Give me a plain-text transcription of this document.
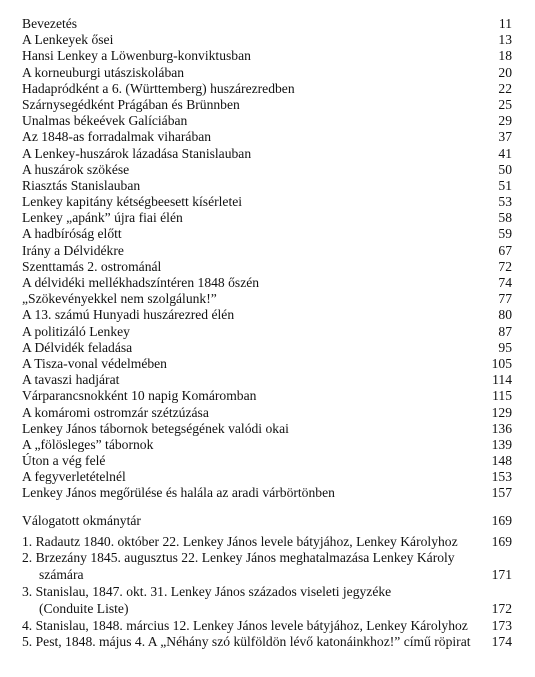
Bevezetés	11
A Lenkeyek ősei	13
Hansi Lenkey a Löwenburg-konviktusban	18
A korneuburgi utásziskolában	20
Hadapródként a 6. (Württemberg) huszárezredben	22
Szárnysegédként Prágában és Brünnben	25
Unalmas békeévek Galíciában	29
Az 1848-as forradalmak viharában	37
A Lenkey-huszárok lázadása Stanislauban	41
A huszárok szökése	50
Riasztás Stanislauban	51
Lenkey kapitány kétségbeesett kísérletei	53
Lenkey „apánk” újra fiai élén	58
A hadbíróság előtt	59
Irány a Délvidékre	67
Szenttamás 2. ostrománál	72
A délvidéki mellékhadszíntéren 1848 őszén	74
„Szökevényekkel nem szolgálunk!”	77
A 13. számú Hunyadi huszárezred élén	80
A politizáló Lenkey	87
A Délvidék feladása	95
A Tisza-vonal védelmében	105
A tavaszi hadjárat	114
Várparancsnokként 10 napig Komáromban	115
A komáromi ostromzár szétzúzása	129
Lenkey János tábornok betegségének valódi okai	136
A „fölösleges” tábornok	139
Úton a vég felé	148
A fegyverletételnél	153
Lenkey János megőrülése és halála az aradi várbörtönben	157
Válogatott okmánytár	169
1. Radautz 1840. október 22. Lenkey János levele bátyjához, Lenkey Károlyhoz	169
2. Brzezány 1845. augusztus 22. Lenkey János meghatalmazása Lenkey Károly
számára	171
3. Stanislau, 1847. okt. 31. Lenkey János százados viseleti jegyzéke
(Conduite Liste)	172
4. Stanislau, 1848. március 12. Lenkey János levele bátyjához, Lenkey Károlyhoz	173
5. Pest, 1848. május 4. A „Néhány szó külföldön lévő katonáinkhoz!” című röpirat	174
